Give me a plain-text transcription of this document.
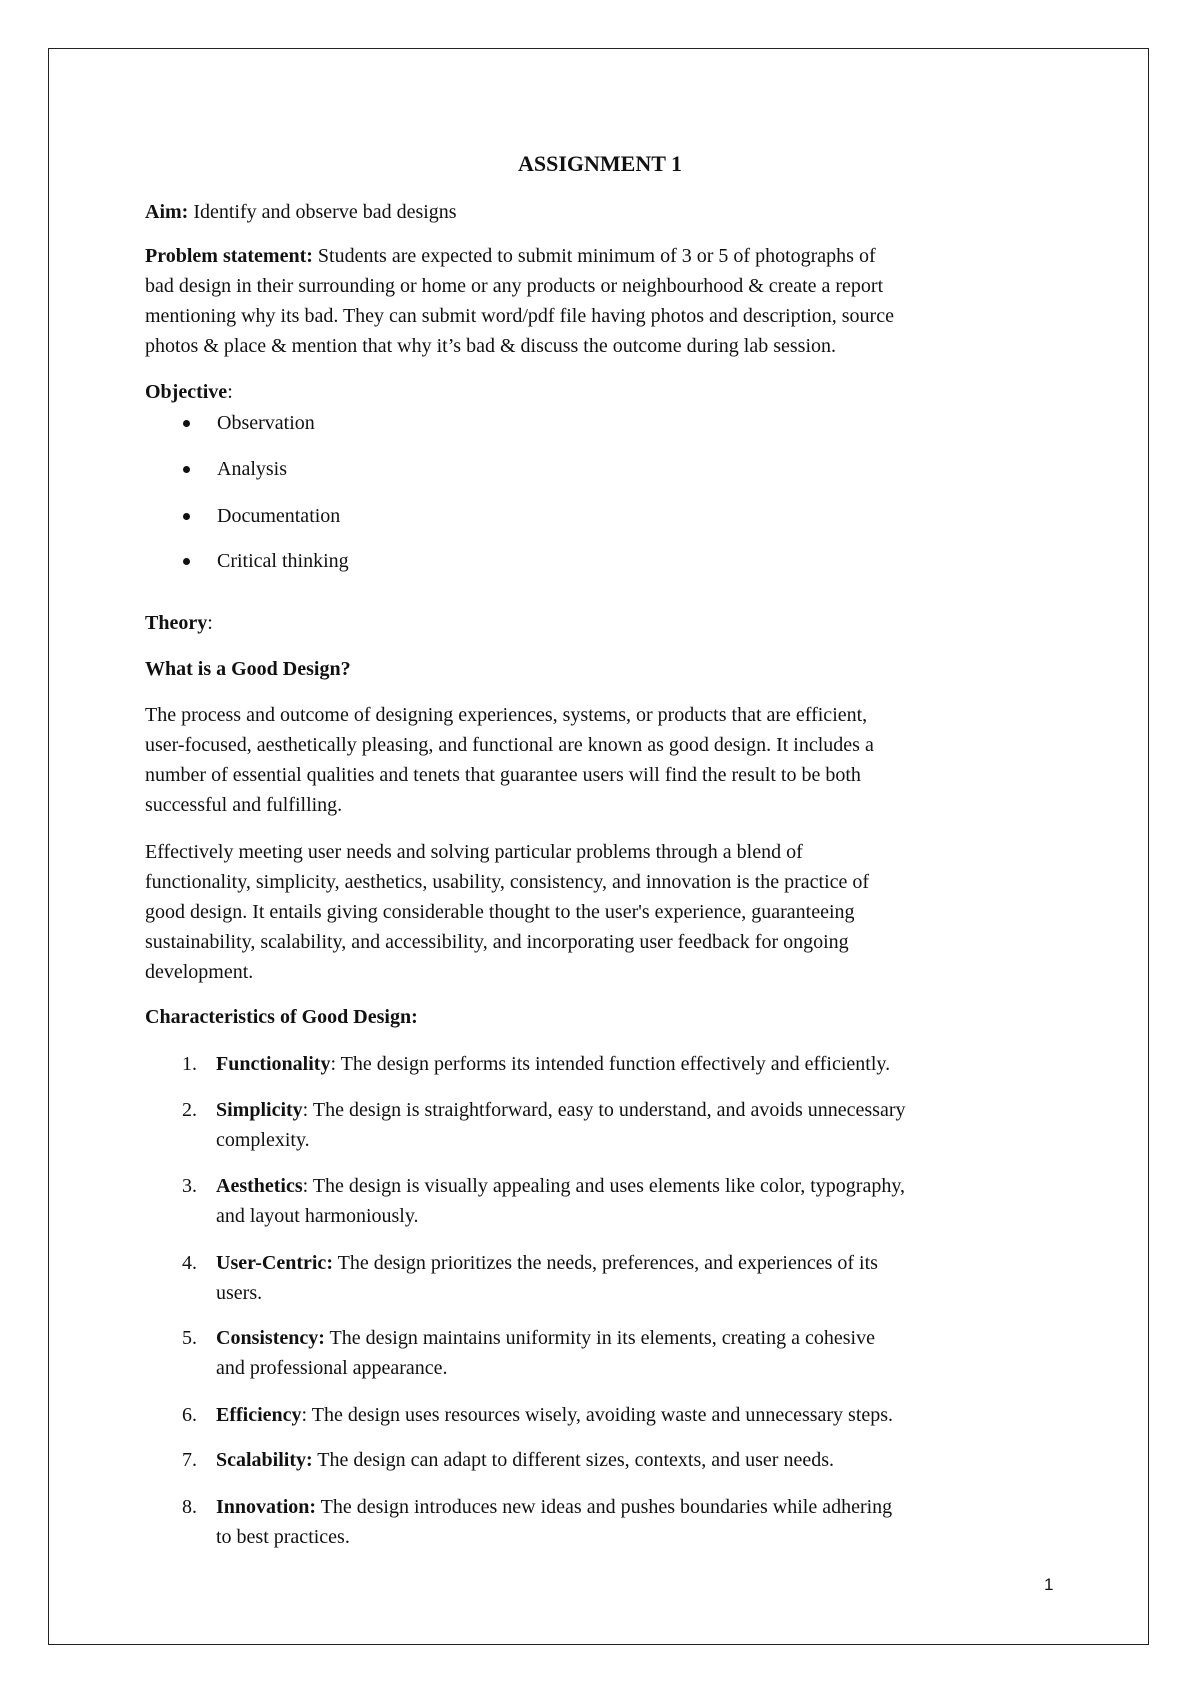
ASSIGNMENT 1
Aim: Identify and observe bad designs
Problem statement: Students are expected to submit minimum of 3 or 5 of photographs of
bad design in their surrounding or home or any products or neighbourhood & create a report
mentioning why its bad. They can submit word/pdf file having photos and description, source
photos & place & mention that why it’s bad & discuss the outcome during lab session.
Objective:
Observation
Analysis
Documentation
Critical thinking
Theory:
What is a Good Design?
The process and outcome of designing experiences, systems, or products that are efficient,
user-focused, aesthetically pleasing, and functional are known as good design. It includes a
number of essential qualities and tenets that guarantee users will find the result to be both
successful and fulfilling.
Effectively meeting user needs and solving particular problems through a blend of
functionality, simplicity, aesthetics, usability, consistency, and innovation is the practice of
good design. It entails giving considerable thought to the user's experience, guaranteeing
sustainability, scalability, and accessibility, and incorporating user feedback for ongoing
development.
Characteristics of Good Design:
1. Functionality: The design performs its intended function effectively and efficiently.
2. Simplicity: The design is straightforward, easy to understand, and avoids unnecessary
complexity.
3. Aesthetics: The design is visually appealing and uses elements like color, typography,
and layout harmoniously.
4. User-Centric: The design prioritizes the needs, preferences, and experiences of its
users.
5. Consistency: The design maintains uniformity in its elements, creating a cohesive
and professional appearance.
6. Efficiency: The design uses resources wisely, avoiding waste and unnecessary steps.
7. Scalability: The design can adapt to different sizes, contexts, and user needs.
8. Innovation: The design introduces new ideas and pushes boundaries while adhering
to best practices.
1
